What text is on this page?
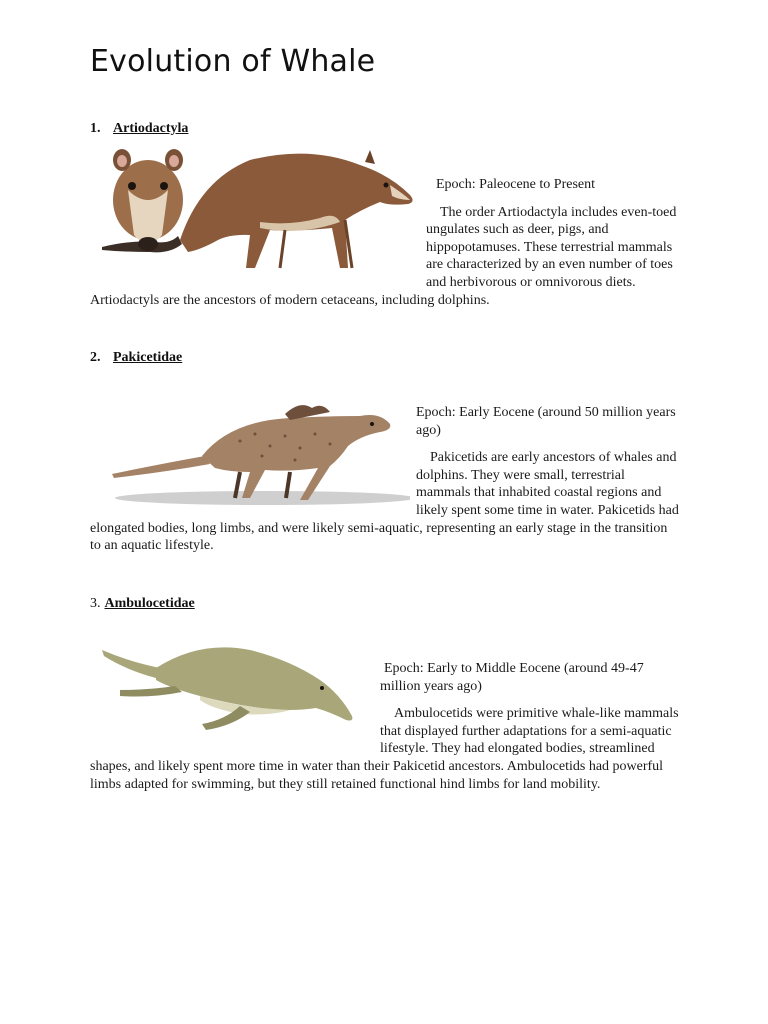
Evolution of Whale
1. Artiodactyla

Epoch: Paleocene to Present

The order Artiodactyla includes even-toed ungulates such as deer, pigs, and hippopotamuses. These terrestrial mammals are characterized by an even number of toes and herbivorous or omnivorous diets. Artiodactyls are the ancestors of modern cetaceans, including dolphins.

2. Pakicetidae

Epoch: Early Eocene (around 50 million years ago)

Pakicetids are early ancestors of whales and dolphins. They were small, terrestrial mammals that inhabited coastal regions and likely spent some time in water. Pakicetids had elongated bodies, long limbs, and were likely semi-aquatic, representing an early stage in the transition to an aquatic lifestyle.

3. Ambulocetidae

Epoch: Early to Middle Eocene (around 49-47 million years ago)

Ambulocetids were primitive whale-like mammals that displayed further adaptations for a semi-aquatic lifestyle. They had elongated bodies, streamlined shapes, and likely spent more time in water than their Pakicetid ancestors. Ambulocetids had powerful limbs adapted for swimming, but they still retained functional hind limbs for land mobility.
